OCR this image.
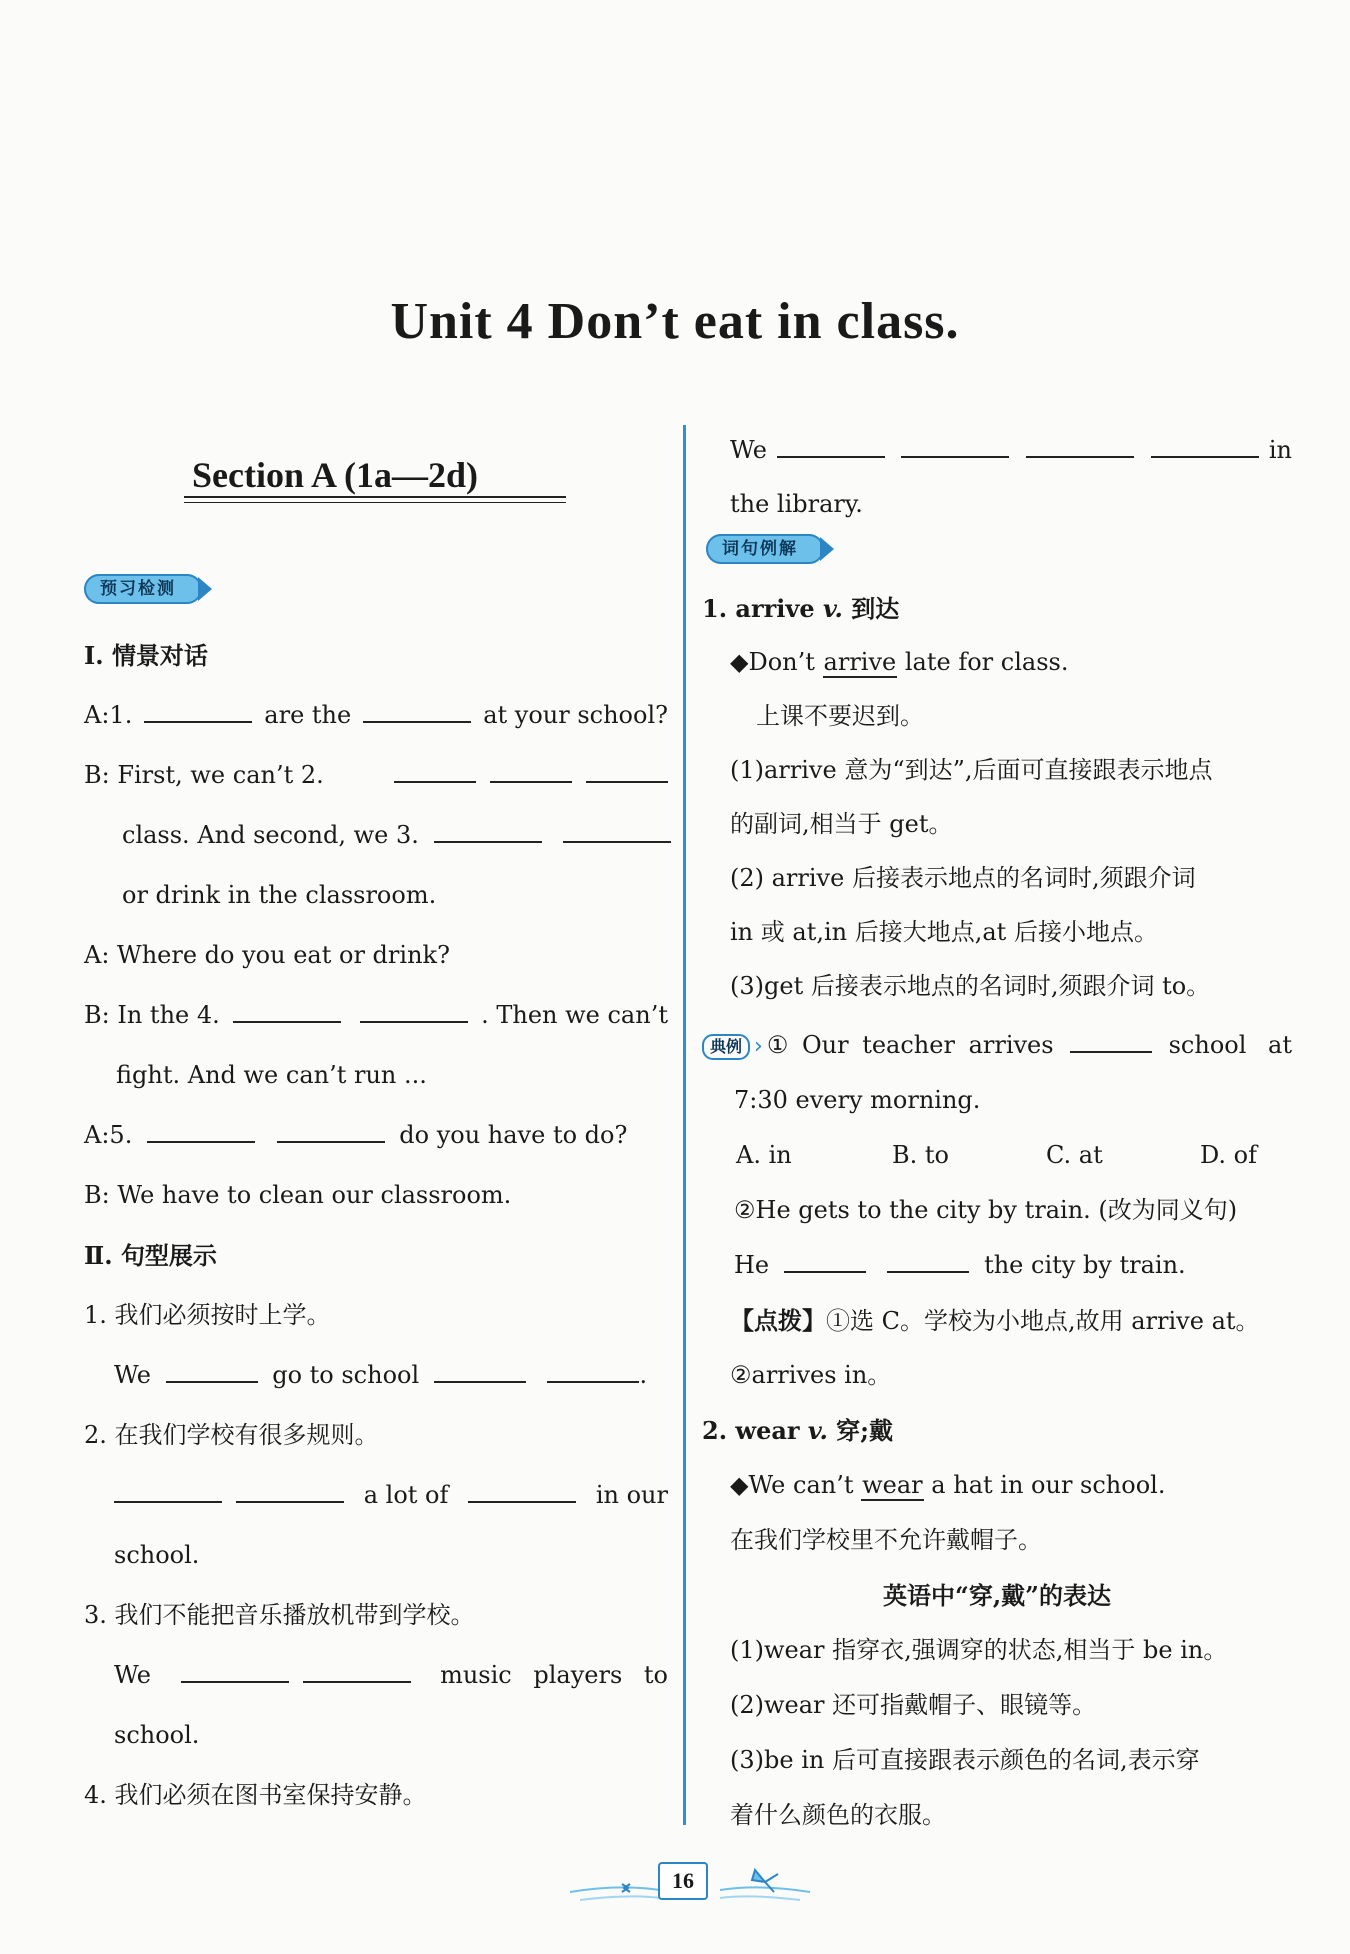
Unit 4 Don’t eat in class.
Section A (1a—2d)
预习检测
Ⅰ. 情景对话
A:1.	are the	at your school?
B: First, we can’t 2.
class. And second, we 3.
or drink in the classroom.
A: Where do you eat or drink?
B: In the 4.	. Then we can’t
fight. And we can’t run ...
A:5.	do you have to do?
B: We have to clean our classroom.
Ⅱ. 句型展示
1. 我们必须按时上学。
We	go to school	.
2. 在我们学校有很多规则。
a lot of	in our
school.
3. 我们不能把音乐播放机带到学校。
We	music players to
school.
4. 我们必须在图书室保持安静。
We	in
the library.
词句例解
1. arrive v. 到达
◆Don’t arrive late for class.
上课不要迟到。
(1)arrive 意为“到达”,后面可直接跟表示地点
的副词,相当于 get。
(2) arrive 后接表示地点的名词时,须跟介词
in 或 at,in 后接大地点,at 后接小地点。
(3)get 后接表示地点的名词时,须跟介词 to。
典例 › ① Our teacher arrives	school at
7:30 every morning.
A. in	B. to	C. at	D. of
②He gets to the city by train. (改为同义句)
He	the city by train.
【点拨】①选 C。学校为小地点,故用 arrive at。
②arrives in。
2. wear v. 穿;戴
◆We can’t wear a hat in our school.
在我们学校里不允许戴帽子。
英语中“穿,戴”的表达
(1)wear 指穿衣,强调穿的状态,相当于 be in。
(2)wear 还可指戴帽子、眼镜等。
(3)be in 后可直接跟表示颜色的名词,表示穿
着什么颜色的衣服。
16
